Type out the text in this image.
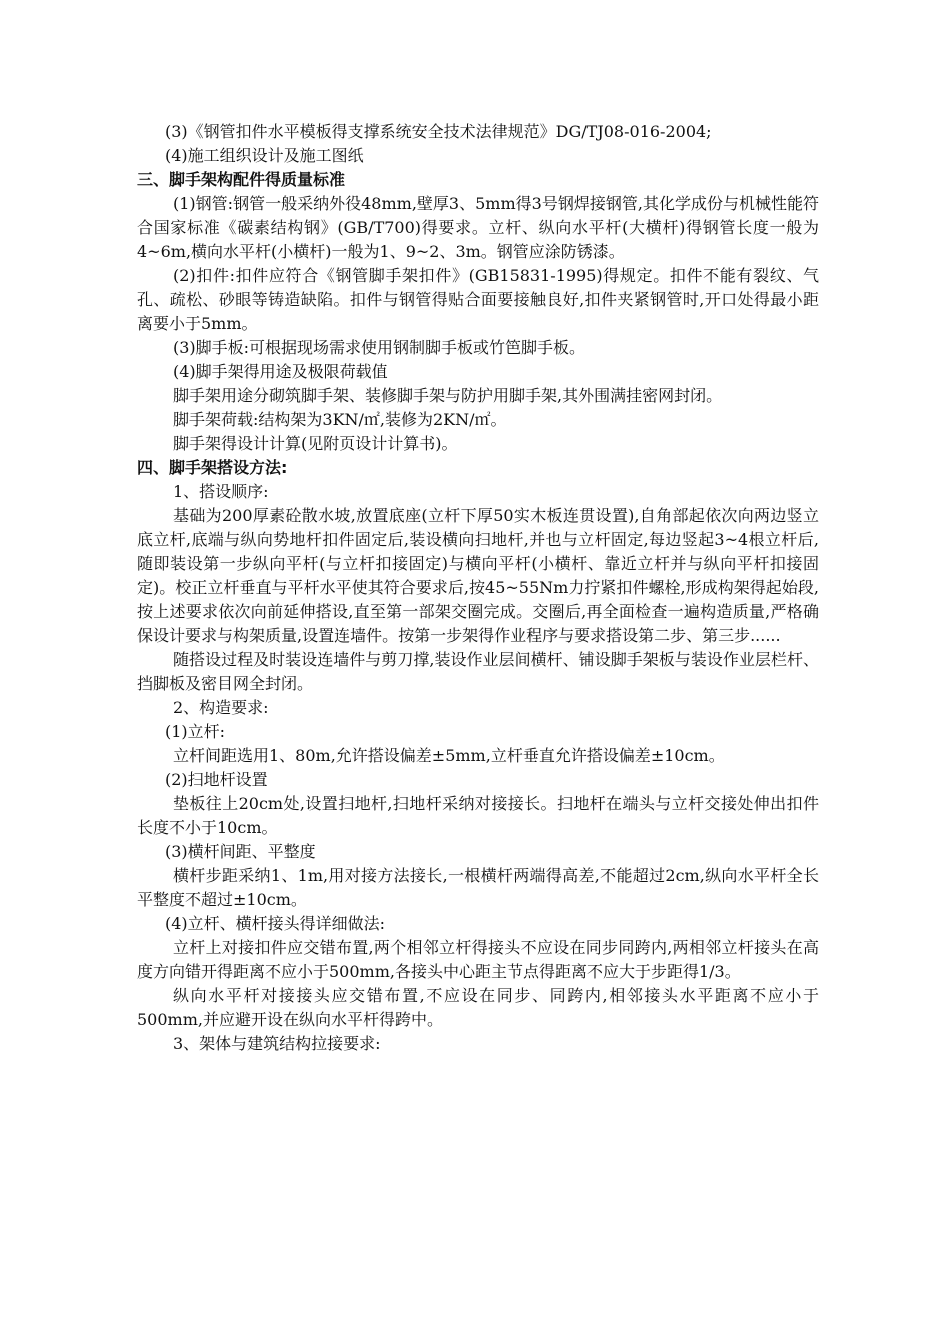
(3)《钢管扣件水平模板得支撑系统安全技术法律规范》DG/TJ08-016-2004;

(4)施工组织设计及施工图纸

三、脚手架构配件得质量标准

(1)钢管:钢管一般采纳外役48mm,壁厚3、5mm得3号钢焊接钢管,其化学成份与机械性能符合国家标准《碳素结构钢》(GB/T700)得要求。立杆、纵向水平杆(大横杆)得钢管长度一般为4~6m,横向水平杆(小横杆)一般为1、9~2、3m。钢管应涂防锈漆。

(2)扣件:扣件应符合《钢管脚手架扣件》(GB15831-1995)得规定。扣件不能有裂纹、气孔、疏松、砂眼等铸造缺陷。扣件与钢管得贴合面要接触良好,扣件夹紧钢管时,开口处得最小距离要小于5mm。

(3)脚手板:可根据现场需求使用钢制脚手板或竹笆脚手板。

(4)脚手架得用途及极限荷载值

脚手架用途分砌筑脚手架、装修脚手架与防护用脚手架,其外围满挂密网封闭。

脚手架荷载:结构架为3KN/㎡,装修为2KN/㎡。

脚手架得设计计算(见附页设计计算书)。

四、脚手架搭设方法:

1、搭设顺序:

基础为200厚素砼散水坡,放置底座(立杆下厚50实木板连贯设置),自角部起依次向两边竖立底立杆,底端与纵向势地杆扣件固定后,装设横向扫地杆,并也与立杆固定,每边竖起3~4根立杆后,随即装设第一步纵向平杆(与立杆扣接固定)与横向平杆(小横杆、靠近立杆并与纵向平杆扣接固定)。校正立杆垂直与平杆水平使其符合要求后,按45~55Nm力拧紧扣件螺栓,形成构架得起始段,按上述要求依次向前延伸搭设,直至第一部架交圈完成。交圈后,再全面检查一遍构造质量,严格确保设计要求与构架质量,设置连墙件。按第一步架得作业程序与要求搭设第二步、第三步......

随搭设过程及时装设连墙件与剪刀撑,装设作业层间横杆、铺设脚手架板与装设作业层栏杆、挡脚板及密目网全封闭。

2、构造要求:

(1)立杆:

立杆间距选用1、80m,允许搭设偏差±5mm,立杆垂直允许搭设偏差±10cm。

(2)扫地杆设置

垫板往上20cm处,设置扫地杆,扫地杆采纳对接接长。扫地杆在端头与立杆交接处伸出扣件长度不小于10cm。

(3)横杆间距、平整度

横杆步距采纳1、1m,用对接方法接长,一根横杆两端得高差,不能超过2cm,纵向水平杆全长平整度不超过±10cm。

(4)立杆、横杆接头得详细做法:

立杆上对接扣件应交错布置,两个相邻立杆得接头不应设在同步同跨内,两相邻立杆接头在高度方向错开得距离不应小于500mm,各接头中心距主节点得距离不应大于步距得1/3。

纵向水平杆对接接头应交错布置,不应设在同步、同跨内,相邻接头水平距离不应小于500mm,并应避开设在纵向水平杆得跨中。

3、架体与建筑结构拉接要求:
